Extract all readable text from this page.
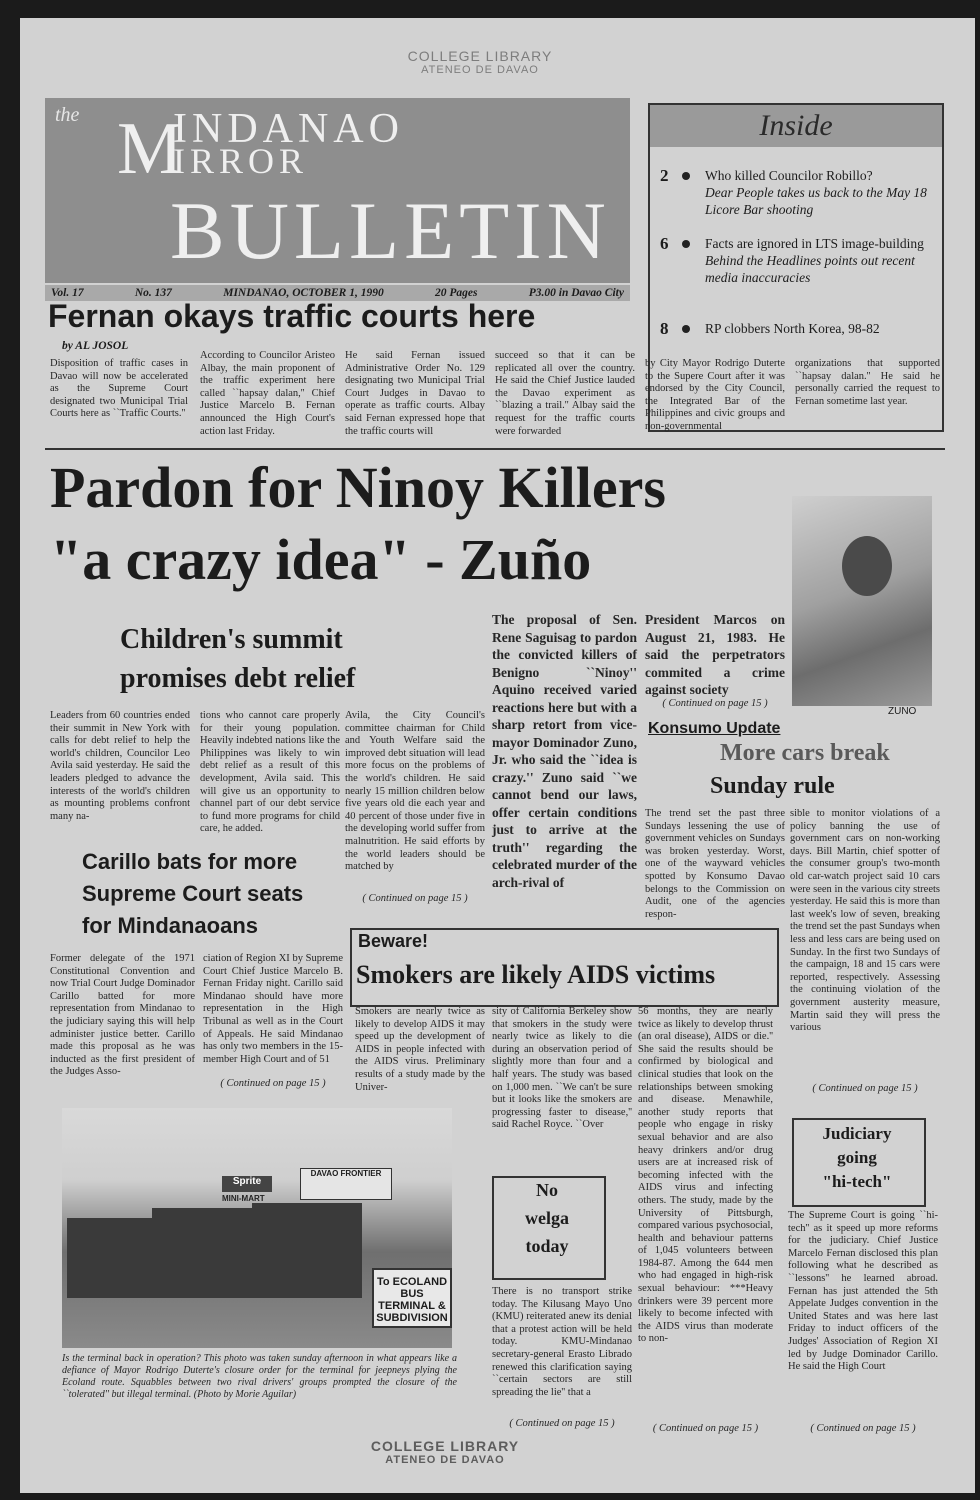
COLLEGE LIBRARY
ATENEO DE DAVAO
the M
INDANAO
IRROR
BULLETIN
Vol. 17	No. 137	MINDANAO, OCTOBER 1, 1990	20 Pages	P3.00 in Davao City
Inside
2	Who killed Councilor Robillo?
Dear People takes us back to the May 18 Licore Bar shooting
6	Facts are ignored in LTS image-building
Behind the Headlines points out recent media inaccuracies
8	RP clobbers North Korea, 98-82
Fernan okays traffic courts here
by AL JOSOL
Disposition of traffic cases in Davao will now be accelerated as the Supreme Court designated two Municipal Trial Courts here as ``Traffic Courts.''
According to Councilor Aristeo Albay, the main proponent of the traffic experiment here called ``hapsay dalan,'' Chief Justice Marcelo B. Fernan announced the High Court's action last Friday.
He said Fernan issued Administrative Order No. 129 designating two Municipal Trial Court Judges in Davao to operate as traffic courts. Albay said Fernan expressed hope that the traffic courts will
succeed so that it can be replicated all over the country. He said the Chief Justice lauded the Davao experiment as ``blazing a trail.'' Albay said the request for the traffic courts were forwarded
by City Mayor Rodrigo Duterte to the Supere Court after it was endorsed by the City Council, the Integrated Bar of the Philippines and civic groups and non-governmental
organizations that supported ``hapsay dalan.'' He said he personally carried the request to Fernan sometime last year.
Pardon for Ninoy Killers
"a crazy idea" - Zuño
ZUNO
The proposal of Sen. Rene Saguisag to pardon the convicted killers of Benigno ``Ninoy'' Aquino received varied reactions here but with a sharp retort from vice-mayor Dominador Zuno, Jr. who said the ``idea is crazy.'' Zuno said ``we cannot bend our laws, offer certain conditions just to arrive at the truth'' regarding the celebrated murder of the arch-rival of
President Marcos on August 21, 1983. He said the perpetrators commited a crime against society
( Continued on page 15 )
Children's summit
promises debt relief
Leaders from 60 countries ended their summit in New York with calls for debt relief to help the world's children, Councilor Leo Avila said yesterday. He said the leaders pledged to advance the interests of the world's children as mounting problems confront many na-
tions who cannot care properly for their young population. Heavily indebted nations like the Philippines was likely to win debt relief as a result of this development, Avila said. This will give us an opportunity to channel part of our debt service to fund more programs for child care, he added.
Avila, the City Council's committee chairman for Child and Youth Welfare said the improved debt situation will lead more focus on the problems of the world's children. He said nearly 15 million children below five years old die each year and 40 percent of those under five in the developing world suffer from malnutrition. He said efforts by the world leaders should be matched by
( Continued on page 15 )
Konsumo Update
More cars break
Sunday rule
The trend set the past three Sundays lessening the use of government vehicles on Sundays was broken yesterday. Worst, one of the wayward vehicles spotted by Konsumo Davao belongs to the Commission on Audit, one of the agencies respon-
sible to monitor violations of a policy banning the use of government cars on non-working days. Bill Martin, chief spotter of the consumer group's two-month old car-watch project said 10 cars were seen in the various city streets yesterday. He said this is more than last week's low of seven, breaking the trend set the past Sundays when less and less cars are being used on Sunday. In the first two Sundays of the campaign, 18 and 15 cars were reported, respectively. Assessing the continuing violation of the government austerity measure, Martin said they will press the various
( Continued on page 15 )
Carillo bats for more
Supreme Court seats
for Mindanaoans
Former delegate of the 1971 Constitutional Convention and now Trial Court Judge Dominador Carillo batted for more representation from Mindanao to the judiciary saying this will help administer justice better. Carillo made this proposal as he was inducted as the first president of the Judges Asso-
ciation of Region XI by Supreme Court Chief Justice Marcelo B. Fernan Friday night. Carillo said Mindanao should have more representation in the High Tribunal as well as in the Court of Appeals. He said Mindanao has only two members in the 15-member High Court and of 51
( Continued on page 15 )
Beware!
Smokers are likely AIDS victims
Smokers are nearly twice as likely to develop AIDS it may speed up the development of AIDS in people infected with the AIDS virus. Preliminary results of a study made by the Univer-
sity of California Berkeley show that smokers in the study were nearly twice as likely to die during an observation period of slightly more than four and a half years. The study was based on 1,000 men. ``We can't be sure but it looks like the smokers are progressing faster to disease,'' said Rachel Royce. ``Over
56 months, they are nearly twice as likely to develop thrust (an oral disease), AIDS or die.'' She said the results should be confirmed by biological and clinical studies that look on the relationships between smoking and disease. Menawhile, another study reports that people who engage in risky sexual behavior and are also heavy drinkers and/or drug users are at increased risk of becoming infected with the AIDS virus and infecting others. The study, made by the University of Pittsburgh, compared various psychosocial, health and behaviour patterns of 1,045 volunteers between 1984-87. Among the 644 men who had engaged in high-risk sexual behaviour: ***Heavy drinkers were 39 percent more likely to become infected with the AIDS virus than moderate to non-
( Continued on page 15 )
No
welga
today
There is no transport strike today. The Kilusang Mayo Uno (KMU) reiterated anew its denial that a protest action will be held today. KMU-Mindanao secretary-general Erasto Librado renewed this clarification saying ``certain sectors are still spreading the lie'' that a
( Continued on page 15 )
Judiciary
going
"hi-tech"
The Supreme Court is going ``hi-tech'' as it speed up more reforms for the judiciary. Chief Justice Marcelo Fernan disclosed this plan following what he described as ``lessons'' he learned abroad. Fernan has just attended the 5th Appelate Judges convention in the United States and was here last Friday to induct officers of the Judges' Association of Region XI led by Judge Dominador Carillo. He said the High Court
( Continued on page 15 )
DAVAO FRONTIER
Sprite
MINI-MART
To ECOLAND BUS TERMINAL & SUBDIVISION
Is the terminal back in operation? This photo was taken sunday afternoon in what appears like a defiance of Mayor Rodrigo Duterte's closure order for the terminal for jeepneys plying the Ecoland route. Squabbles between two rival drivers' groups prompted the closure of the ``tolerated'' but illegal terminal. (Photo by Morie Aguilar)
COLLEGE LIBRARY
ATENEO DE DAVAO
